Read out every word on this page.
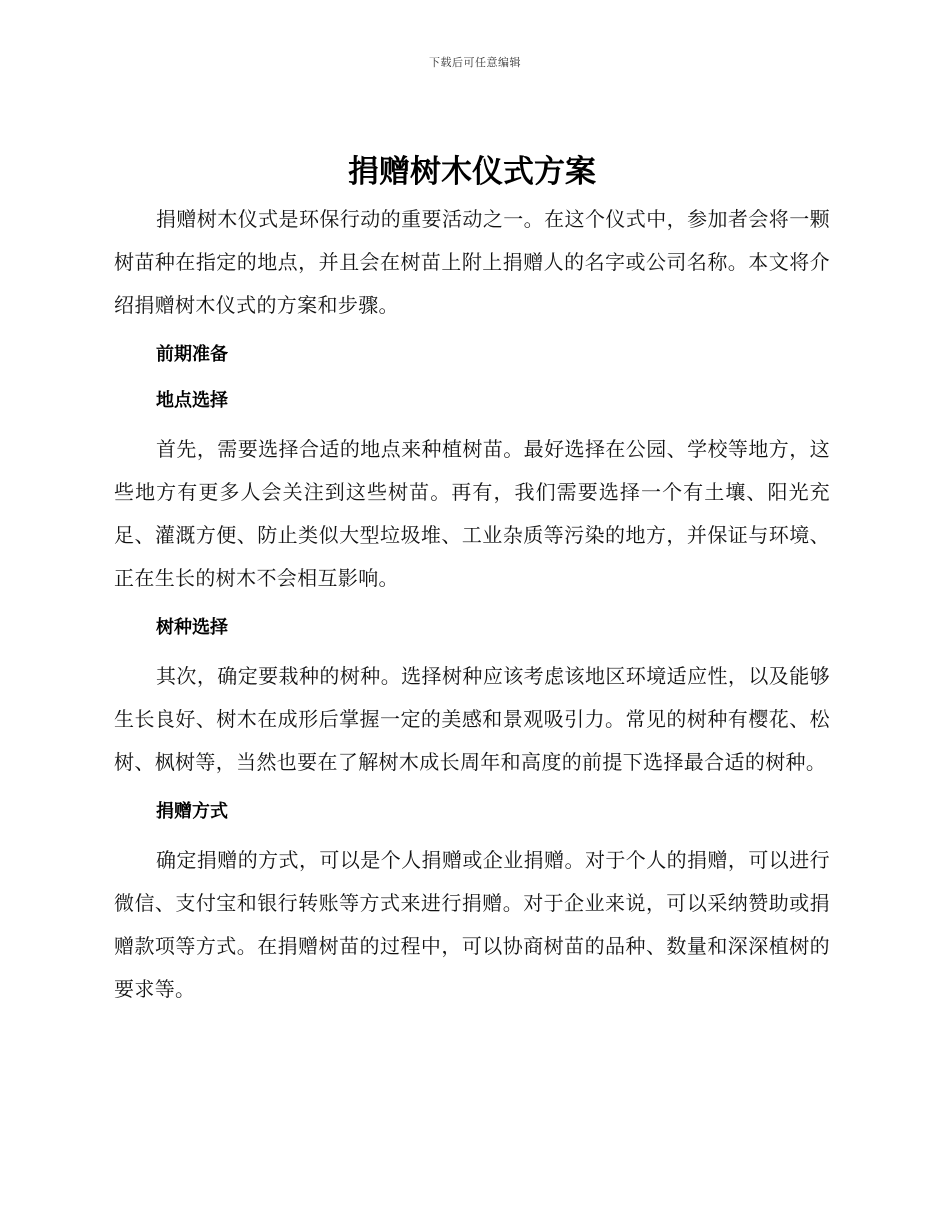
下载后可任意编辑
捐赠树木仪式方案

捐赠树木仪式是环保行动的重要活动之一。在这个仪式中，参加者会将一颗树苗种在指定的地点，并且会在树苗上附上捐赠人的名字或公司名称。本文将介绍捐赠树木仪式的方案和步骤。

前期准备
地点选择

首先，需要选择合适的地点来种植树苗。最好选择在公园、学校等地方，这些地方有更多人会关注到这些树苗。再有，我们需要选择一个有土壤、阳光充足、灌溉方便、防止类似大型垃圾堆、工业杂质等污染的地方，并保证与环境、正在生长的树木不会相互影响。

树种选择

其次，确定要栽种的树种。选择树种应该考虑该地区环境适应性，以及能够生长良好、树木在成形后掌握一定的美感和景观吸引力。常见的树种有樱花、松树、枫树等，当然也要在了解树木成长周年和高度的前提下选择最合适的树种。

捐赠方式

确定捐赠的方式，可以是个人捐赠或企业捐赠。对于个人的捐赠，可以进行微信、支付宝和银行转账等方式来进行捐赠。对于企业来说，可以采纳赞助或捐赠款项等方式。在捐赠树苗的过程中，可以协商树苗的品种、数量和深深植树的要求等。
